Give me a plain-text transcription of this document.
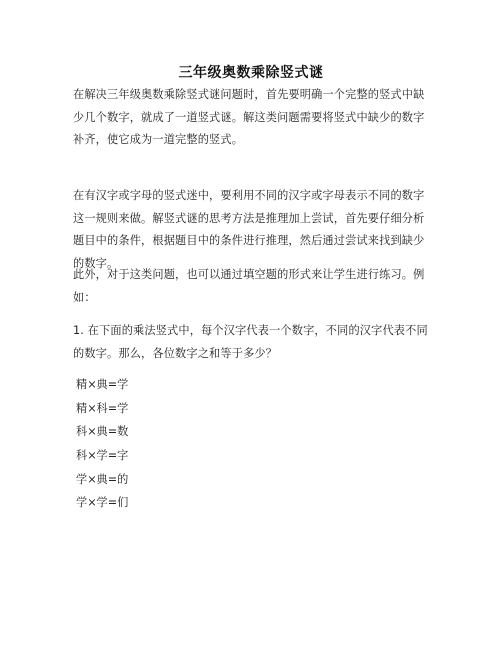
三年级奥数乘除竖式谜
在解决三年级奥数乘除竖式谜问题时，首先要明确一个完整的竖式中缺少几个数字，就成了一道竖式谜。解这类问题需要将竖式中缺少的数字补齐，使它成为一道完整的竖式。
在有汉字或字母的竖式迷中，要利用不同的汉字或字母表示不同的数字这一规则来做。解竖式谜的思考方法是推理加上尝试，首先要仔细分析题目中的条件，根据题目中的条件进行推理，然后通过尝试来找到缺少的数字。
此外，对于这类问题，也可以通过填空题的形式来让学生进行练习。例如：
1. 在下面的乘法竖式中，每个汉字代表一个数字，不同的汉字代表不同的数字。那么，各位数字之和等于多少？
精×典=学
精×科=学
科×典=数
科×学=字
学×典=的
学×学=们
